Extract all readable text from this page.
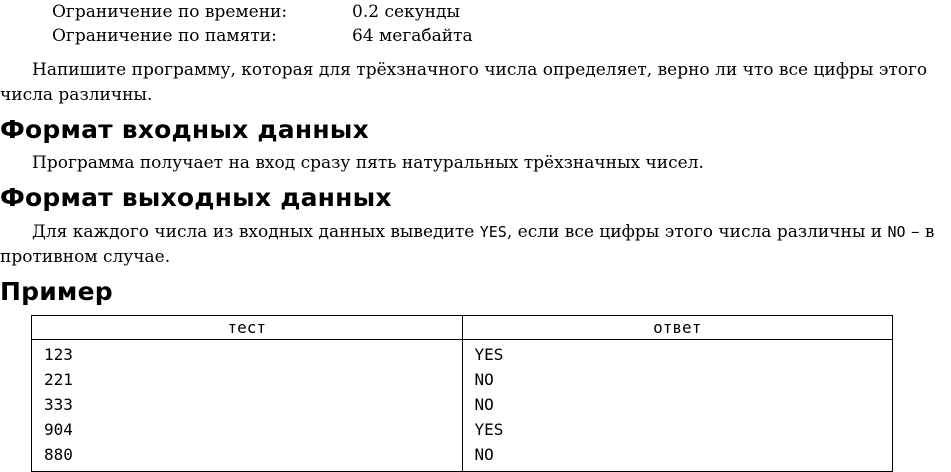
Ограничение по времени:	0.2 секунды
Ограничение по памяти:	64 мегабайта
Напишите программу, которая для трёхзначного числа определяет, верно ли что все цифры этого числа различны.
Формат входных данных
Программа получает на вход сразу пять натуральных трёхзначных чисел.
Формат выходных данных
Для каждого числа из входных данных выведите YES, если все цифры этого числа различны и NO – в противном случае.
Пример
тест	ответ
123	YES
221	NO
333	NO
904	YES
880	NO
